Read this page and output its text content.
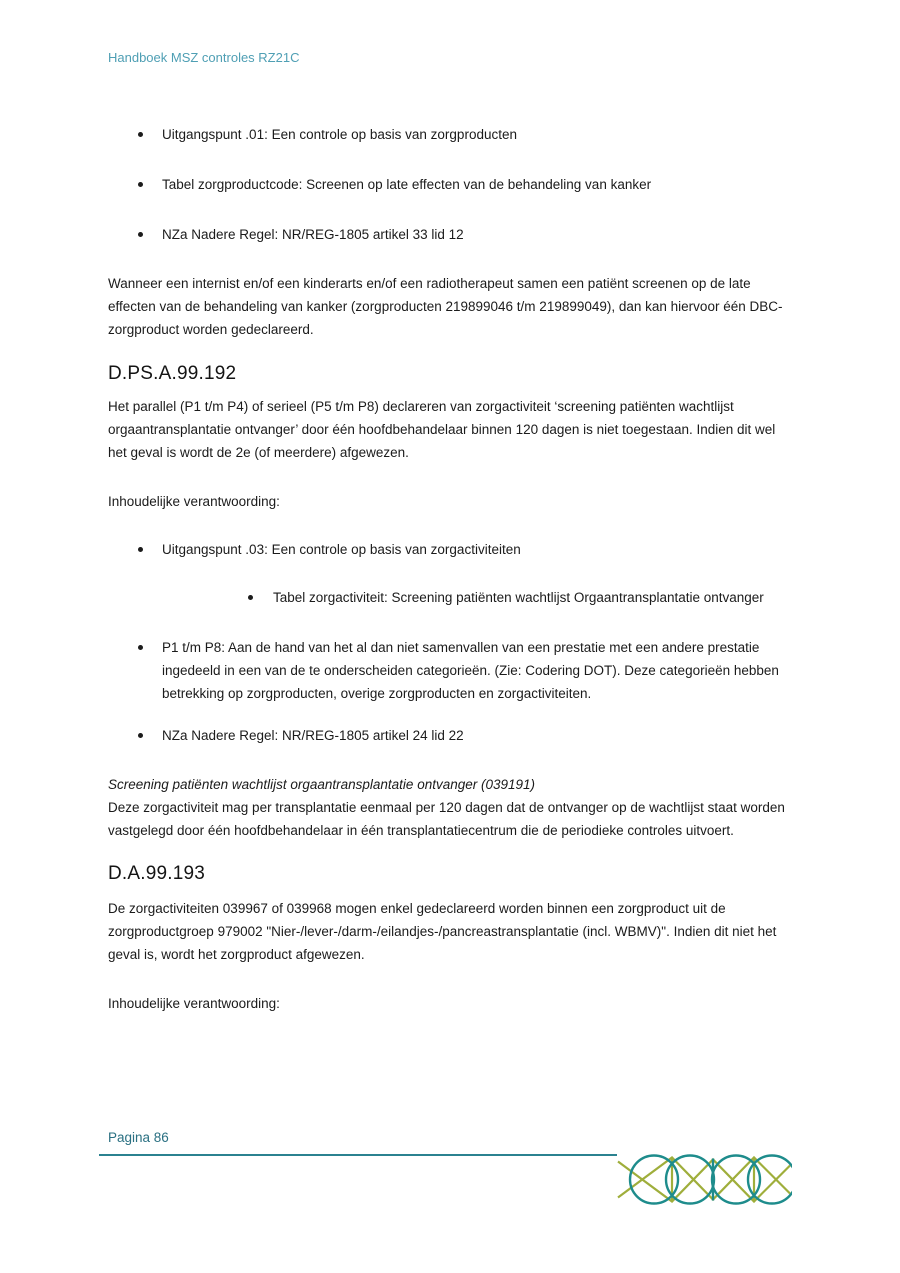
Handboek MSZ controles RZ21C
Uitgangspunt .01: Een controle op basis van zorgproducten
Tabel zorgproductcode: Screenen op late effecten van de behandeling van kanker
NZa Nadere Regel: NR/REG-1805 artikel 33 lid 12

Wanneer een internist en/of een kinderarts en/of een radiotherapeut samen een patiënt screenen op de late effecten van de behandeling van kanker (zorgproducten 219899046 t/m 219899049), dan kan hiervoor één DBC-zorgproduct worden gedeclareerd.

D.PS.A.99.192

Het parallel (P1 t/m P4) of serieel (P5 t/m P8) declareren van zorgactiviteit ‘screening patiënten wachtlijst orgaantransplantatie ontvanger’ door één hoofdbehandelaar binnen 120 dagen is niet toegestaan. Indien dit wel het geval is wordt de 2e (of meerdere) afgewezen.

Inhoudelijke verantwoording:

Uitgangspunt .03: Een controle op basis van zorgactiviteiten
Tabel zorgactiviteit: Screening patiënten wachtlijst Orgaantransplantatie ontvanger
P1 t/m P8: Aan de hand van het al dan niet samenvallen van een prestatie met een andere prestatie ingedeeld in een van de te onderscheiden categorieën. (Zie: Codering DOT). Deze categorieën hebben betrekking op zorgproducten, overige zorgproducten en zorgactiviteiten.
NZa Nadere Regel: NR/REG-1805 artikel 24 lid 22

Screening patiënten wachtlijst orgaantransplantatie ontvanger (039191)

Deze zorgactiviteit mag per transplantatie eenmaal per 120 dagen dat de ontvanger op de wachtlijst staat worden vastgelegd door één hoofdbehandelaar in één transplantatiecentrum die de periodieke controles uitvoert.

D.A.99.193

De zorgactiviteiten 039967 of 039968 mogen enkel gedeclareerd worden binnen een zorgproduct uit de zorgproductgroep 979002 "Nier-/lever-/darm-/eilandjes-/pancreastransplantatie (incl. WBMV)". Indien dit niet het geval is, wordt het zorgproduct afgewezen.

Inhoudelijke verantwoording:

Pagina 86
